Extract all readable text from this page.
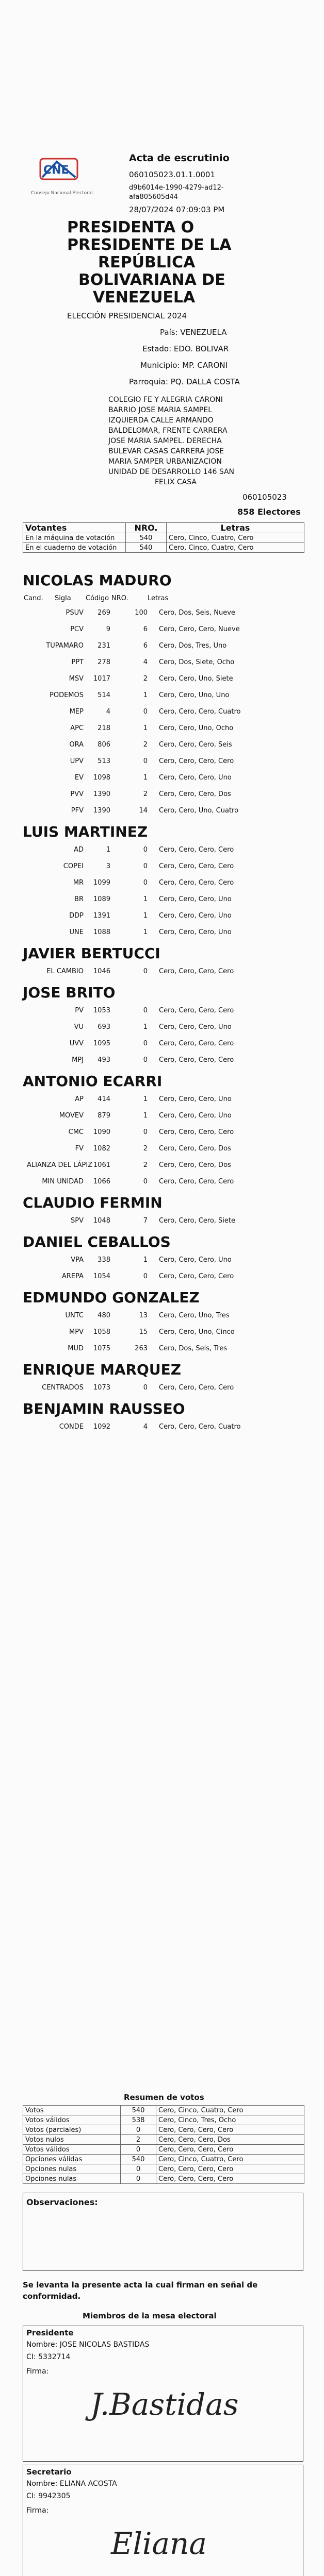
CNE
Consejo Nacional Electoral
Acta de escrutinio
060105023.01.1.0001
d9b6014e-1990-4279-ad12-afa805605d44
28/07/2024 07:09:03 PM
PRESIDENTA O
PRESIDENTE DE LA
REPÚBLICA
BOLIVARIANA DE
VENEZUELA
ELECCIÓN PRESIDENCIAL 2024
País: VENEZUELA
Estado: EDO. BOLIVAR
Municipio: MP. CARONI
Parroquia: PQ. DALLA COSTA
COLEGIO FE Y ALEGRIA CARONI
BARRIO JOSE MARIA SAMPEL
IZQUIERDA CALLE ARMANDO
BALDELOMAR, FRENTE CARRERA
JOSE MARIA SAMPEL. DERECHA
BULEVAR CASAS CARRERA JOSE
MARIA SAMPER URBANIZACION
UNIDAD DE DESARROLLO 146 SAN
FELIX CASA
060105023
858 Electores
Votantes	NRO.	Letras
En la máquina de votación	540	Cero, Cinco, Cuatro, Cero
En el cuaderno de votación	540	Cero, Cinco, Cuatro, Cero
NICOLAS MADURO
Cand. Sigla Código NRO.	Letras
PSUV	269	100 Cero, Dos, Seis, Nueve
PCV	9	6 Cero, Cero, Cero, Nueve
TUPAMARO	231	6 Cero, Dos, Tres, Uno
PPT	278	4 Cero, Dos, Siete, Ocho
MSV	1017	2 Cero, Cero, Uno, Siete
PODEMOS	514	1 Cero, Cero, Uno, Uno
MEP	4	0 Cero, Cero, Cero, Cuatro
APC	218	1 Cero, Cero, Uno, Ocho
ORA	806	2 Cero, Cero, Cero, Seis
UPV	513	0 Cero, Cero, Cero, Cero
EV	1098	1 Cero, Cero, Cero, Uno
PVV	1390	2 Cero, Cero, Cero, Dos
PFV	1390	14 Cero, Cero, Uno, Cuatro
LUIS MARTINEZ
AD	1	0 Cero, Cero, Cero, Cero
COPEI	3	0 Cero, Cero, Cero, Cero
MR	1099	0 Cero, Cero, Cero, Cero
BR	1089	1 Cero, Cero, Cero, Uno
DDP	1391	1 Cero, Cero, Cero, Uno
UNE	1088	1 Cero, Cero, Cero, Uno
JAVIER BERTUCCI
EL CAMBIO	1046	0 Cero, Cero, Cero, Cero
JOSE BRITO
PV	1053	0 Cero, Cero, Cero, Cero
VU	693	1 Cero, Cero, Cero, Uno
UVV	1095	0 Cero, Cero, Cero, Cero
MPJ	493	0 Cero, Cero, Cero, Cero
ANTONIO ECARRI
AP	414	1 Cero, Cero, Cero, Uno
MOVEV	879	1 Cero, Cero, Cero, Uno
CMC	1090	0 Cero, Cero, Cero, Cero
FV	1082	2 Cero, Cero, Cero, Dos
ALIANZA DEL LÁPIZ 1061	2 Cero, Cero, Cero, Dos
MIN UNIDAD	1066	0 Cero, Cero, Cero, Cero
CLAUDIO FERMIN
SPV	1048	7 Cero, Cero, Cero, Siete
DANIEL CEBALLOS
VPA	338	1 Cero, Cero, Cero, Uno
AREPA	1054	0 Cero, Cero, Cero, Cero
EDMUNDO GONZALEZ
UNTC	480	13 Cero, Cero, Uno, Tres
MPV	1058	15 Cero, Cero, Uno, Cinco
MUD	1075	263 Cero, Dos, Seis, Tres
ENRIQUE MARQUEZ
CENTRADOS	1073	0 Cero, Cero, Cero, Cero
BENJAMIN RAUSSEO
CONDE	1092	4 Cero, Cero, Cero, Cuatro
Resumen de votos
Votos	540	Cero, Cinco, Cuatro, Cero
Votos válidos	538	Cero, Cinco, Tres, Ocho
Votos (parciales)	0	Cero, Cero, Cero, Cero
Votos nulos	2	Cero, Cero, Cero, Dos
Votos válidos	0	Cero, Cero, Cero, Cero
Opciones válidas	540	Cero, Cinco, Cuatro, Cero
Opciones nulas	0	Cero, Cero, Cero, Cero
Opciones nulas	0	Cero, Cero, Cero, Cero
Observaciones:
Se levanta la presente acta la cual firman en señal de conformidad.
Miembros de la mesa electoral
Presidente
Nombre: JOSE NICOLAS BASTIDAS
CI: 5332714
Firma:
J.Bastidas
Secretario
Nombre: ELIANA ACOSTA
CI: 9942305
Firma:
Eliana
